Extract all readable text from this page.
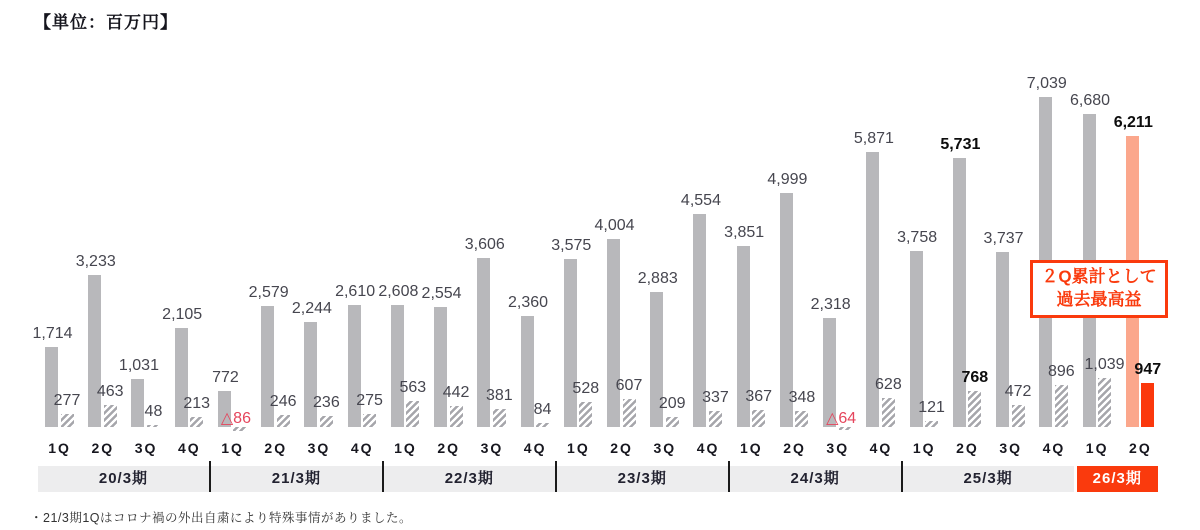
【単位：百万円】
1,714
277
3,233
463
1,031
48
2,105
213
772
△86
2,579
246
2,244
236
2,610
275
2,608
563
2,554
442
3,606
381
2,360
84
3,575
528
4,004
607
2,883
209
4,554
337
3,851
367
4,999
348
2,318
△64
5,871
628
3,758
121
5,731
768
3,737
472
7,039
896
6,680
1,039
6,211
947
1Q	2Q	3Q	4Q	1Q	2Q	3Q	4Q	1Q	2Q	3Q	4Q	1Q	2Q	3Q	4Q	1Q	2Q	3Q	4Q	1Q	2Q	3Q	4Q	1Q	2Q
20/3期	21/3期	22/3期	23/3期	24/3期	25/3期	26/3期
２Q累計として
過去最高益
・21/3期1Qはコロナ禍の外出自粛により特殊事情がありました。
